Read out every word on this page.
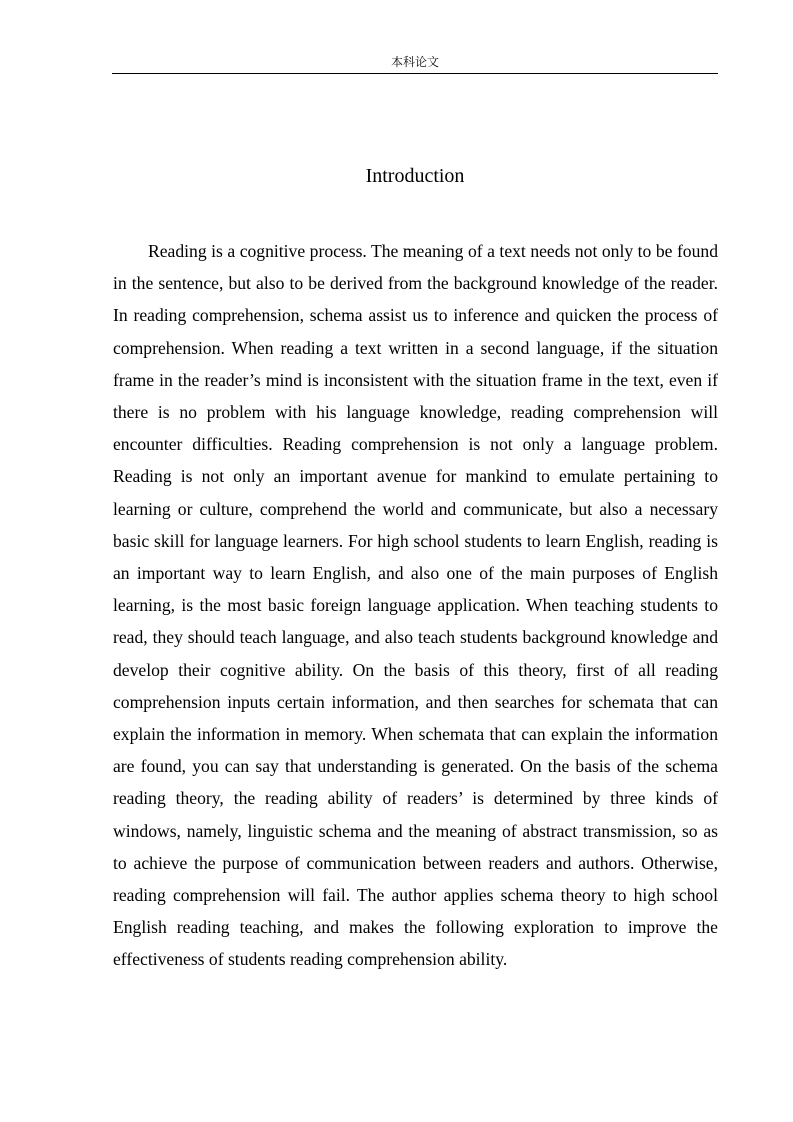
本科论文
Introduction

Reading is a cognitive process. The meaning of a text needs not only to be found in the sentence, but also to be derived from the background knowledge of the reader. In reading comprehension, schema assist us to inference and quicken the process of comprehension. When reading a text written in a second language, if the situation frame in the reader’s mind is inconsistent with the situation frame in the text, even if there is no problem with his language knowledge, reading comprehension will encounter difficulties. Reading comprehension is not only a language problem. Reading is not only an important avenue for mankind to emulate pertaining to learning or culture, comprehend the world and communicate, but also a necessary basic skill for language learners. For high school students to learn English, reading is an important way to learn English, and also one of the main purposes of English learning, is the most basic foreign language application. When teaching students to read, they should teach language, and also teach students background knowledge and develop their cognitive ability. On the basis of this theory, first of all reading comprehension inputs certain information, and then searches for schemata that can explain the information in memory. When schemata that can explain the information are found, you can say that understanding is generated. On the basis of the schema reading theory, the reading ability of readers’ is determined by three kinds of windows, namely, linguistic schema and the meaning of abstract transmission, so as to achieve the purpose of communication between readers and authors. Otherwise, reading comprehension will fail. The author applies schema theory to high school English reading teaching, and makes the following exploration to improve the effectiveness of students reading comprehension ability.
